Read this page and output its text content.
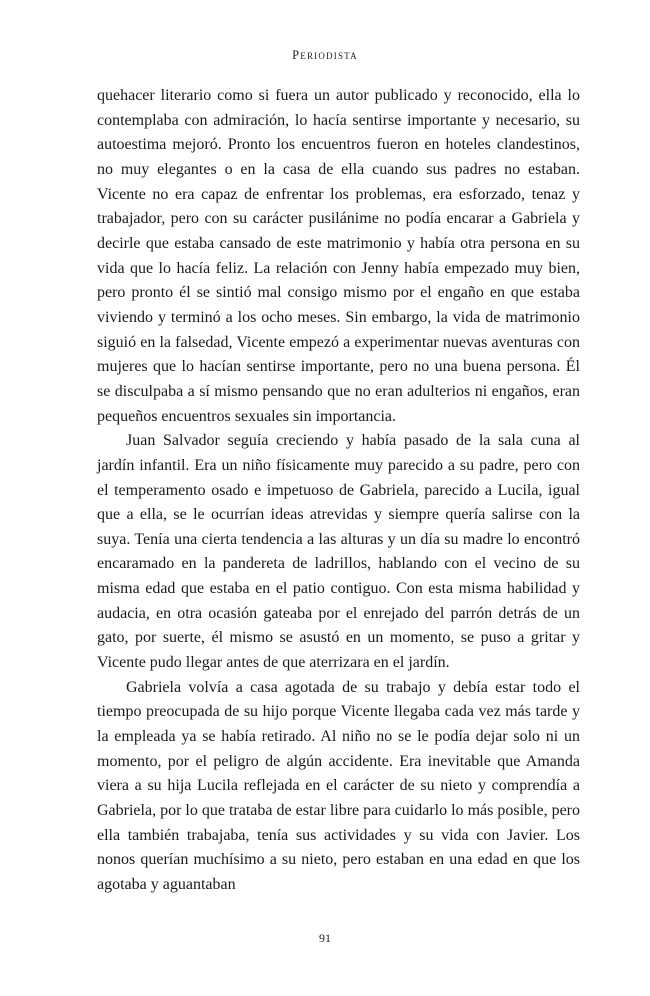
Periodista

quehacer literario como si fuera un autor publicado y reconocido, ella lo contemplaba con admiración, lo hacía sentirse importante y necesario, su autoestima mejoró. Pronto los encuentros fueron en hoteles clandestinos, no muy elegantes o en la casa de ella cuando sus padres no estaban. Vicente no era capaz de enfrentar los problemas, era esforzado, tenaz y trabajador, pero con su carácter pusilánime no podía encarar a Gabriela y decirle que estaba cansado de este matrimonio y había otra persona en su vida que lo hacía feliz. La relación con Jenny había empezado muy bien, pero pronto él se sintió mal consigo mismo por el engaño en que estaba viviendo y terminó a los ocho meses. Sin embargo, la vida de matrimonio siguió en la falsedad, Vicente empezó a experimentar nuevas aventuras con mujeres que lo hacían sentirse importante, pero no una buena persona. Él se disculpaba a sí mismo pensando que no eran adulterios ni engaños, eran pequeños encuentros sexuales sin importancia.

Juan Salvador seguía creciendo y había pasado de la sala cuna al jardín infantil. Era un niño físicamente muy parecido a su padre, pero con el temperamento osado e impetuoso de Gabriela, parecido a Lucila, igual que a ella, se le ocurrían ideas atrevidas y siempre quería salirse con la suya. Tenía una cierta tendencia a las alturas y un día su madre lo encontró encaramado en la pandereta de ladrillos, hablando con el vecino de su misma edad que estaba en el patio contiguo. Con esta misma habilidad y audacia, en otra ocasión gateaba por el enrejado del parrón detrás de un gato, por suerte, él mismo se asustó en un momento, se puso a gritar y Vicente pudo llegar antes de que aterrizara en el jardín.

Gabriela volvía a casa agotada de su trabajo y debía estar todo el tiempo preocupada de su hijo porque Vicente llegaba cada vez más tarde y la empleada ya se había retirado. Al niño no se le podía dejar solo ni un momento, por el peligro de algún accidente. Era inevitable que Amanda viera a su hija Lucila reflejada en el carácter de su nieto y comprendía a Gabriela, por lo que trataba de estar libre para cuidarlo lo más posible, pero ella también trabajaba, tenía sus actividades y su vida con Javier. Los nonos querían muchísimo a su nieto, pero estaban en una edad en que los agotaba y aguantaban

91
